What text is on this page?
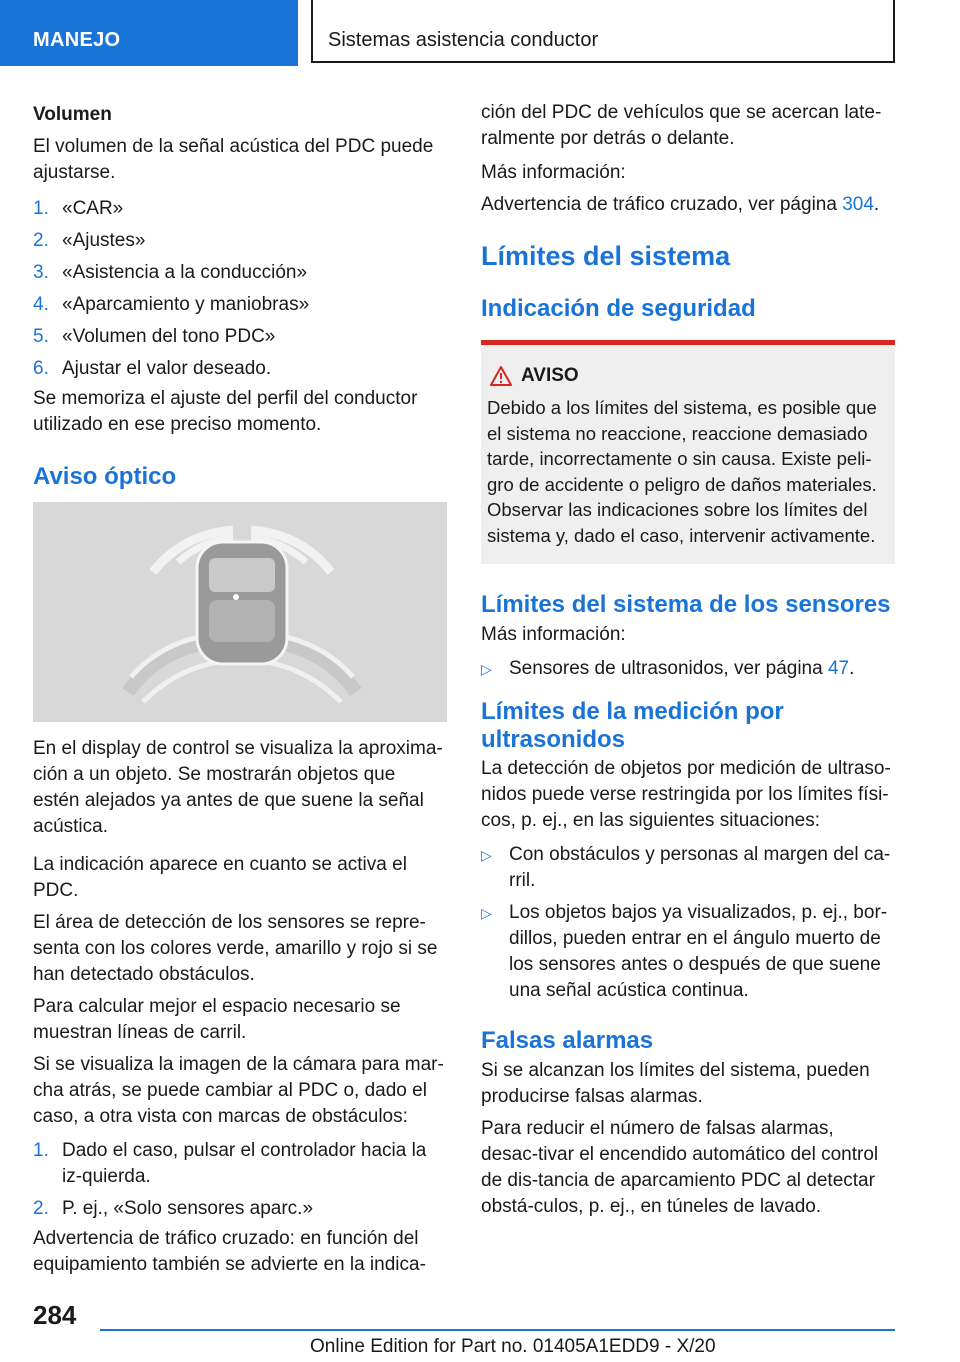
MANEJO	Sistemas asistencia conductor
Volumen

El volumen de la señal acústica del PDC puede ajustarse.

1. «CAR»
2. «Ajustes»
3. «Asistencia a la conducción»
4. «Aparcamiento y maniobras»
5. «Volumen del tono PDC»
6. Ajustar el valor deseado.

Se memoriza el ajuste del perfil del conductor utilizado en ese preciso momento.

Aviso óptico

En el display de control se visualiza la aproxima‐ción a un objeto. Se mostrarán objetos que estén alejados ya antes de que suene la señal acústica.

La indicación aparece en cuanto se activa el PDC.

El área de detección de los sensores se repre‐senta con los colores verde, amarillo y rojo si se han detectado obstáculos.

Para calcular mejor el espacio necesario se muestran líneas de carril.

Si se visualiza la imagen de la cámara para mar‐cha atrás, se puede cambiar al PDC o, dado el caso, a otra vista con marcas de obstáculos:

1. Dado el caso, pulsar el controlador hacia la iz‐quierda.
2. P. ej., «Solo sensores aparc.»

Advertencia de tráfico cruzado: en función del equipamiento también se advierte en la indica‐

ción del PDC de vehículos que se acercan late‐ralmente por detrás o delante.

Más información:

Advertencia de tráfico cruzado, ver página 304.

Límites del sistema
Indicación de seguridad
AVISO

Debido a los límites del sistema, es posible que el sistema no reaccione, reaccione demasiado tarde, incorrectamente o sin causa. Existe peli‐gro de accidente o peligro de daños materiales. Observar las indicaciones sobre los límites del sistema y, dado el caso, intervenir activamente.

Límites del sistema de los sensores

Más información:

▷ Sensores de ultrasonidos, ver página 47.
Límites de la medición por ultrasonidos

La detección de objetos por medición de ultraso‐nidos puede verse restringida por los límites físi‐cos, p. ej., en las siguientes situaciones:

▷ Con obstáculos y personas al margen del ca‐rril.
▷ Los objetos bajos ya visualizados, p. ej., bor‐dillos, pueden entrar en el ángulo muerto de los sensores antes o después de que suene una señal acústica continua.
Falsas alarmas

Si se alcanzan los límites del sistema, pueden producirse falsas alarmas.

Para reducir el número de falsas alarmas, desac‐tivar el encendido automático del control de dis‐tancia de aparcamiento PDC al detectar obstá‐culos, p. ej., en túneles de lavado.

284
Online Edition for Part no. 01405A1EDD9 - X/20
